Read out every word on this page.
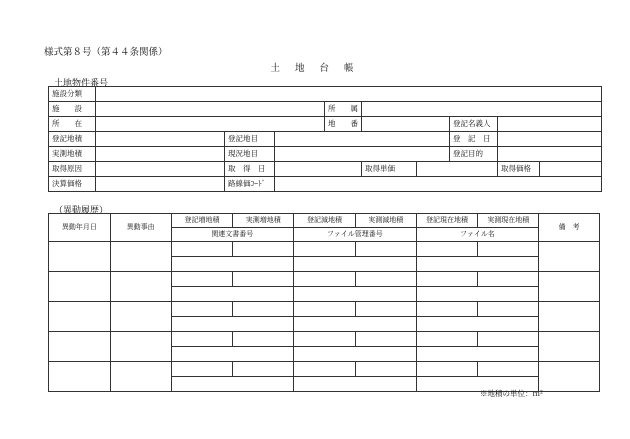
様式第８号（第４４条関係）
土 地 台 帳
土地物件番号
施設分類									
施　　設				所　　属					
所　　在				地　　番			登記名義人		
登記地積		登記地目					登　記　日		
実測地積		現況地目					登記目的		
取得原因		取　得　日			取得単価			取得価格	
決算価格		路線価ｺｰﾄﾞ							
（異動履歴）
異動年月日	異動事由	登記増地積	実測増地積	登記減地積	実測減地積	登記現在地積	実測現在地積	備　考
		関連文書番号		ファイル管理番号		ファイル名		

※地積の単位：ｍ²
